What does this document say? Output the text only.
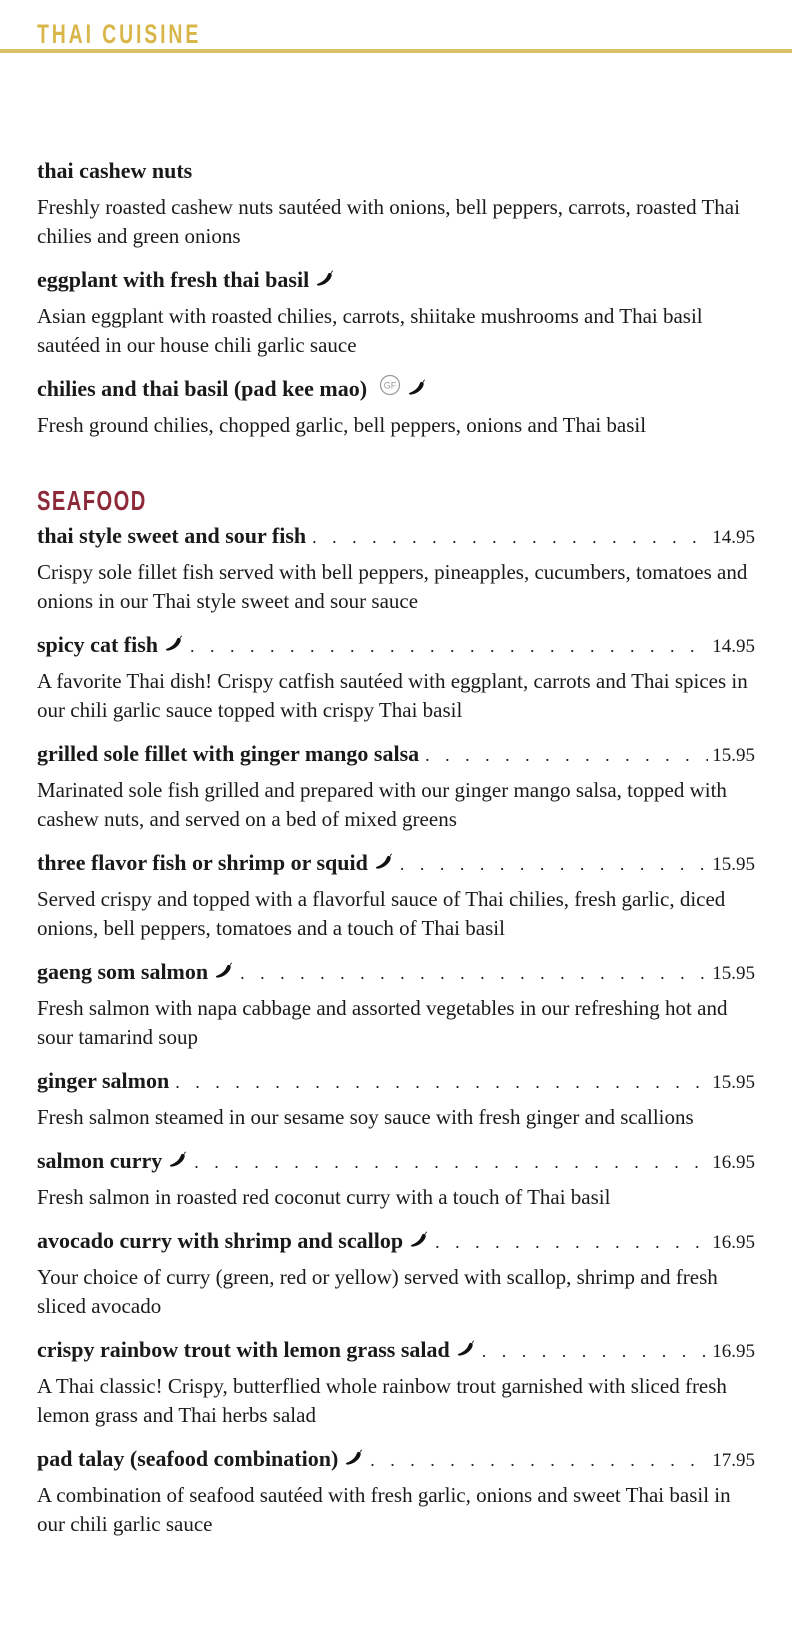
THAI CUISINE
thai cashew nuts
Freshly roasted cashew nuts sautéed with onions, bell peppers, carrots, roasted Thai chilies and green onions
eggplant with fresh thai basil
Asian eggplant with roasted chilies, carrots, shiitake mushrooms and Thai basil sautéed in our house chili garlic sauce
chilies and thai basil (pad kee mao) GF
Fresh ground chilies, chopped garlic, bell peppers, onions and Thai basil
SEAFOOD
thai style sweet and sour fish . . .	14.95
Crispy sole fillet fish served with bell peppers, pineapples, cucumbers, tomatoes and onions in our Thai style sweet and sour sauce
spicy cat fish . . .	14.95
A favorite Thai dish! Crispy catfish sautéed with eggplant, carrots and Thai spices in our chili garlic sauce topped with crispy Thai basil
grilled sole fillet with ginger mango salsa . . .	15.95
Marinated sole fish grilled and prepared with our ginger mango salsa, topped with cashew nuts, and served on a bed of mixed greens
three flavor fish or shrimp or squid . . .	15.95
Served crispy and topped with a flavorful sauce of Thai chilies, fresh garlic, diced onions, bell peppers, tomatoes and a touch of Thai basil
gaeng som salmon . . .	15.95
Fresh salmon with napa cabbage and assorted vegetables in our refreshing hot and sour tamarind soup
ginger salmon . . .	15.95
Fresh salmon steamed in our sesame soy sauce with fresh ginger and scallions
salmon curry . . .	16.95
Fresh salmon in roasted red coconut curry with a touch of Thai basil
avocado curry with shrimp and scallop . . .	16.95
Your choice of curry (green, red or yellow) served with scallop, shrimp and fresh sliced avocado
crispy rainbow trout with lemon grass salad . . .	16.95
A Thai classic! Crispy, butterflied whole rainbow trout garnished with sliced fresh lemon grass and Thai herbs salad
pad talay (seafood combination) . . .	17.95
A combination of seafood sautéed with fresh garlic, onions and sweet Thai basil in our chili garlic sauce
